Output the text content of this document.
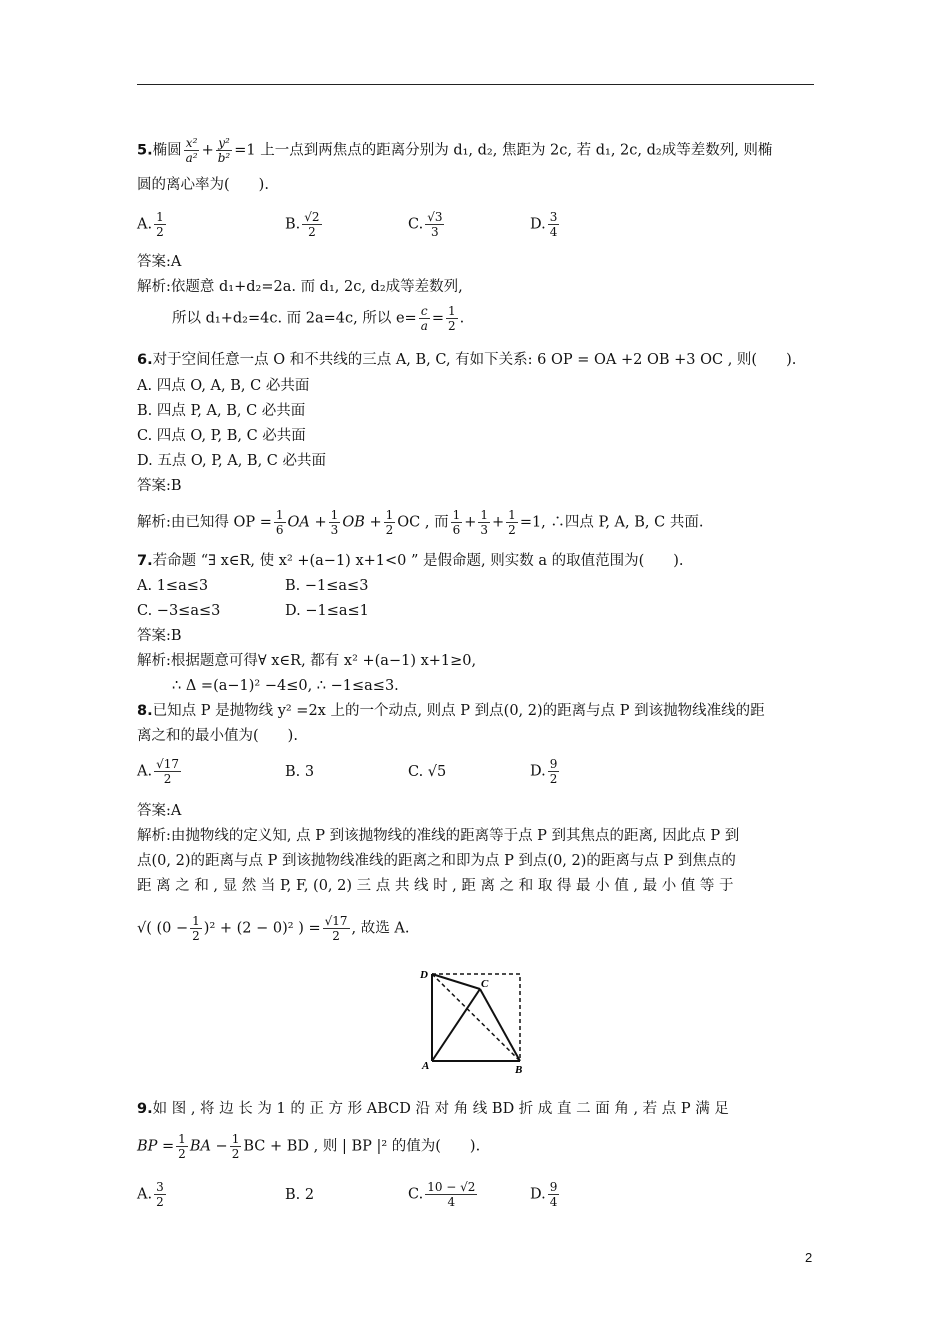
5.椭圆 $\frac{\text{x²}}{\text{a²}} + \frac{\text{y²}}{\text{b²}} =1$ 上一点到两焦点的距离分别为 d₁, d₂, 焦距为 2c, 若 d₁, 2c, d₂成等差数列, 则椭
圆的离心率为(　　).
A. $\frac{1}{2}$	B. $\frac{√2}{2}$	C. $\frac{√3}{3}$	D. $\frac{3}{4}$
答案:A
解析:依题意 d₁+d₂=2a. 而 d₁, 2c, d₂成等差数列,
所以 d₁+d₂=4c. 而 2a=4c, 所以 $e= \frac{c}{a} = \frac{1}{2}$ .
6.对于空间任意一点 O 和不共线的三点 A, B, C, 有如下关系: 6 OP = OA +2 OB +3 OC , 则(　　).
A. 四点 O, A, B, C 必共面
B. 四点 P, A, B, C 必共面
C. 四点 O, P, B, C 必共面
D. 五点 O, P, A, B, C 必共面
答案:B
解析:由已知得 OP = $\frac{1}{6}$ OA + $\frac{1}{3}$ OB + $\frac{1}{2}$ OC , 而 $\frac{1}{6} + \frac{1}{3} + \frac{1}{2} =1$, ∴四点 P, A, B, C 共面.
7.若命题 “∃ x∈R, 使 x² +(a−1) x+1<0 ” 是假命题, 则实数 a 的取值范围为(　　).
A. 1≤a≤3	B. −1≤a≤3
C. −3≤a≤3	D. −1≤a≤1
答案:B
解析:根据题意可得∀ x∈R, 都有 x² +(a−1) x+1≥0,
∴ Δ =(a−1)² −4≤0, ∴ −1≤a≤3.
8.已知点 P 是抛物线 y² =2x 上的一个动点, 则点 P 到点(0, 2)的距离与点 P 到该抛物线准线的距
离之和的最小值为(　　).
A. $\frac{√17}{2}$	B. 3	C. √5	D. $\frac{9}{2}$
答案:A
解析:由抛物线的定义知, 点 P 到该抛物线的准线的距离等于点 P 到其焦点的距离, 因此点 P 到
点(0, 2)的距离与点 P 到该抛物线准线的距离之和即为点 P 到点(0, 2)的距离与点 P 到焦点的
距 离 之 和 , 显 然 当 P, F, (0, 2) 三 点 共 线 时 , 距 离 之 和 取 得 最 小 值 , 最 小 值 等 于
√( $(0 - \frac{1}{2} )^2 + (2 - 0)^2$ ) = $\frac{√17}{2}$ , 故选 A.
D
C
A	B
9.如 图 , 将 边 长 为 1 的 正 方 形 ABCD 沿 对 角 线 BD 折 成 直 二 面 角 , 若 点 P 满 足
BP = $\frac{1}{2}$ BA − $\frac{1}{2}$ BC + BD , 则 | BP |² 的值为(　　).
A. $\frac{3}{2}$	B. 2	C. $\frac{10 - √2}{4}$	D. $\frac{9}{4}$
2
